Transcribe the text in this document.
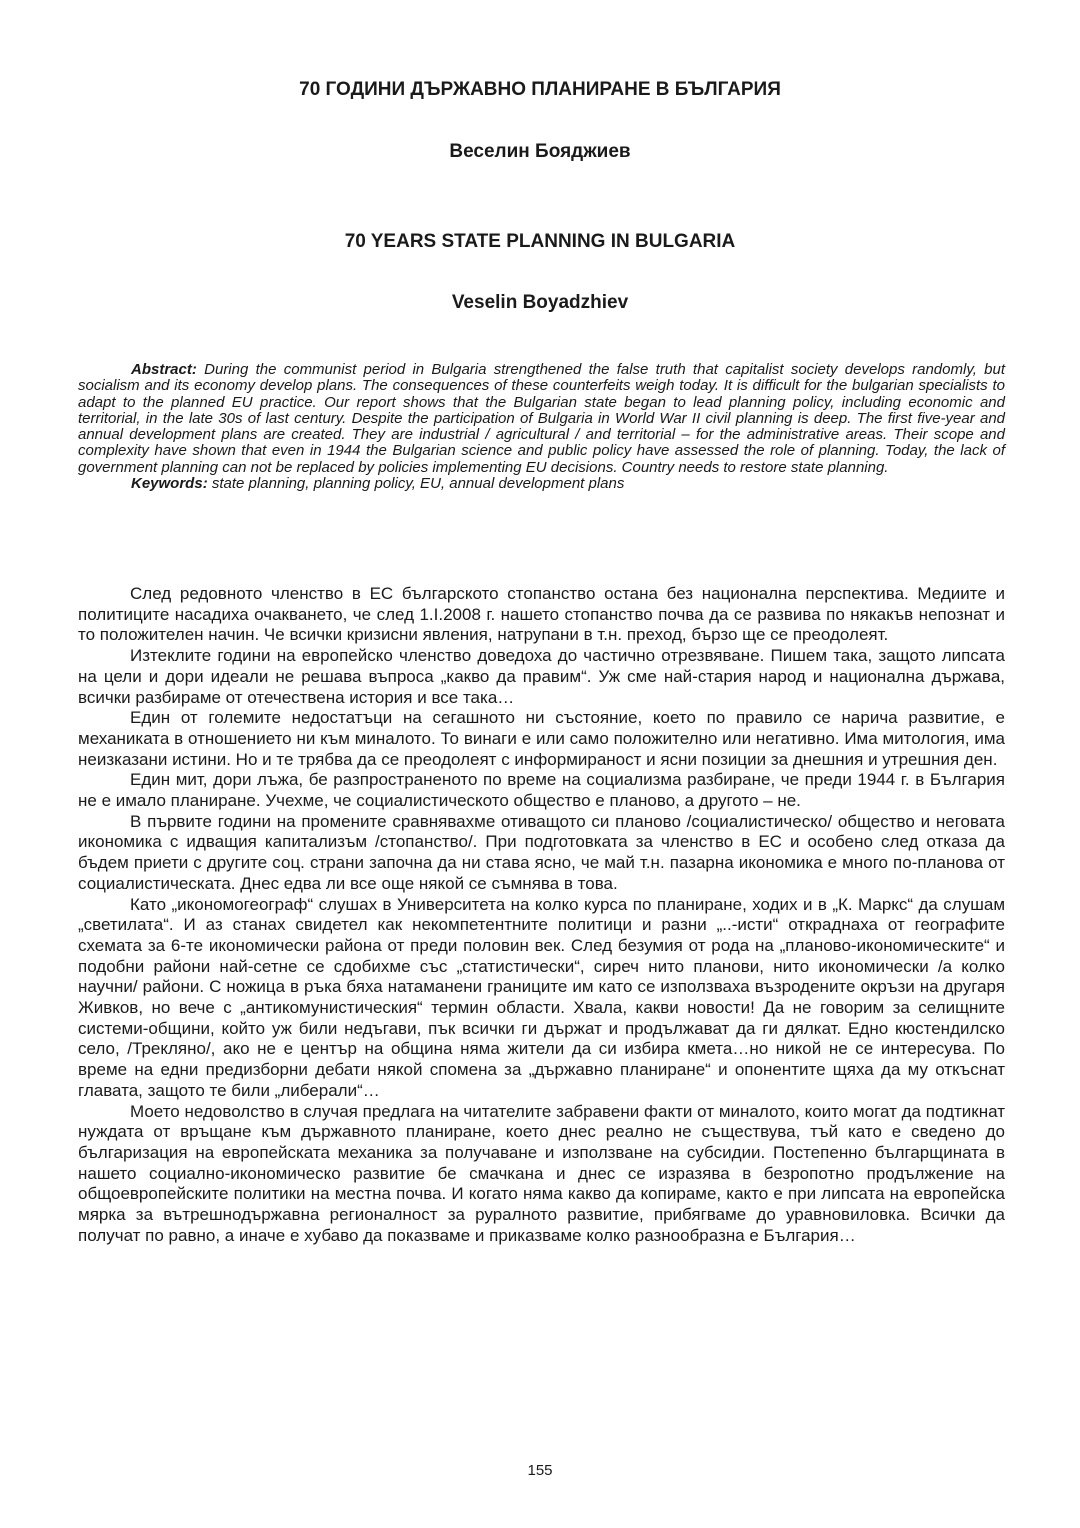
70 ГОДИНИ ДЪРЖАВНО ПЛАНИРАНЕ В БЪЛГАРИЯ
Веселин Бояджиев
70 YEARS STATE PLANNING IN BULGARIA
Veselin Boyadzhiev

Abstract: During the communist period in Bulgaria strengthened the false truth that capitalist society develops randomly, but socialism and its economy develop plans. The consequences of these counterfeits weigh today. It is difficult for the bulgarian specialists to adapt to the planned EU practice. Our report shows that the Bulgarian state began to lead planning policy, including economic and territorial, in the late 30s of last century. Despite the participation of Bulgaria in World War II civil planning is deep. The first five-year and annual development plans are created. They are industrial / agricultural / and territorial – for the administrative areas. Their scope and complexity have shown that even in 1944 the Bulgarian science and public policy have assessed the role of planning. Today, the lack of government planning can not be replaced by policies implementing EU decisions. Country needs to restore state planning.

Keywords: state planning, planning policy, EU, annual development plans

След редовното членство в ЕС българското стопанство остана без национална перспектива. Медиите и политиците насадиха очакването, че след 1.I.2008 г. нашето стопанство почва да се развива по някакъв непознат и то положителен начин. Че всички кризисни явления, натрупани в т.н. преход, бързо ще се преодолеят.

Изтеклите години на европейско членство доведоха до частично отрезвяване. Пишем така, защото липсата на цели и дори идеали не решава въпроса „какво да правим“. Уж сме най-стария народ и национална държава, всички разбираме от отечествена история и все така…

Един от големите недостатъци на сегашното ни състояние, което по правило се нарича развитие, е механиката в отношението ни към миналото. То винаги е или само положително или негативно. Има митология, има неизказани истини. Но и те трябва да се преодолеят с информираност и ясни позиции за днешния и утрешния ден.

Един мит, дори лъжа, бе разпространеното по време на социализма разбиране, че преди 1944 г. в България не е имало планиране. Учехме, че социалистическото общество е планово, а другото – не.

В първите години на промените сравнявахме отиващото си планово /социалистическо/ общество и неговата икономика с идващия капитализъм /стопанство/. При подготовката за членство в ЕС и особено след отказа да бъдем приети с другите соц. страни започна да ни става ясно, че май т.н. пазарна икономика е много по-планова от социалистическата. Днес едва ли все още някой се съмнява в това.

Като „икономогеограф“ слушах в Университета на колко курса по планиране, ходих и в „К. Маркс“ да слушам „светилата“. И аз станах свидетел как некомпетентните политици и разни „..-исти“ откраднаха от географите схемата за 6-те икономически района от преди половин век. След безумия от рода на „планово-икономическите“ и подобни райони най-сетне се сдобихме със „статистически“, сиреч нито планови, нито икономически /а колко научни/ райони. С ножица в ръка бяха натаманени границите им като се използваха възродените окръзи на другаря Живков, но вече с „антикомунистическия“ термин области. Хвала, какви новости! Да не говорим за селищните системи-общини, който уж били недъгави, пък всички ги държат и продължават да ги дялкат. Едно кюстендилско село, /Трекляно/, ако не е център на община няма жители да си избира кмета…но никой не се интересува. По време на едни предизборни дебати някой спомена за „държавно планиране“ и опонентите щяха да му откъснат главата, защото те били „либерали“…

Моето недоволство в случая предлага на читателите забравени факти от миналото, които могат да подтикнат нуждата от връщане към държавното планиране, което днес реално не съществува, тъй като е сведено до българизация на европейската механика за получаване и използване на субсидии. Постепенно българщината в нашето социално-икономическо развитие бе смачкана и днес се изразява в безропотно продължение на общоевропейските политики на местна почва. И когато няма какво да копираме, както е при липсата на европейска мярка за вътрешнодържавна регионалност за руралното развитие, прибягваме до уравновиловка. Всички да получат по равно, а иначе е хубаво да показваме и приказваме колко разнообразна е България…

155
